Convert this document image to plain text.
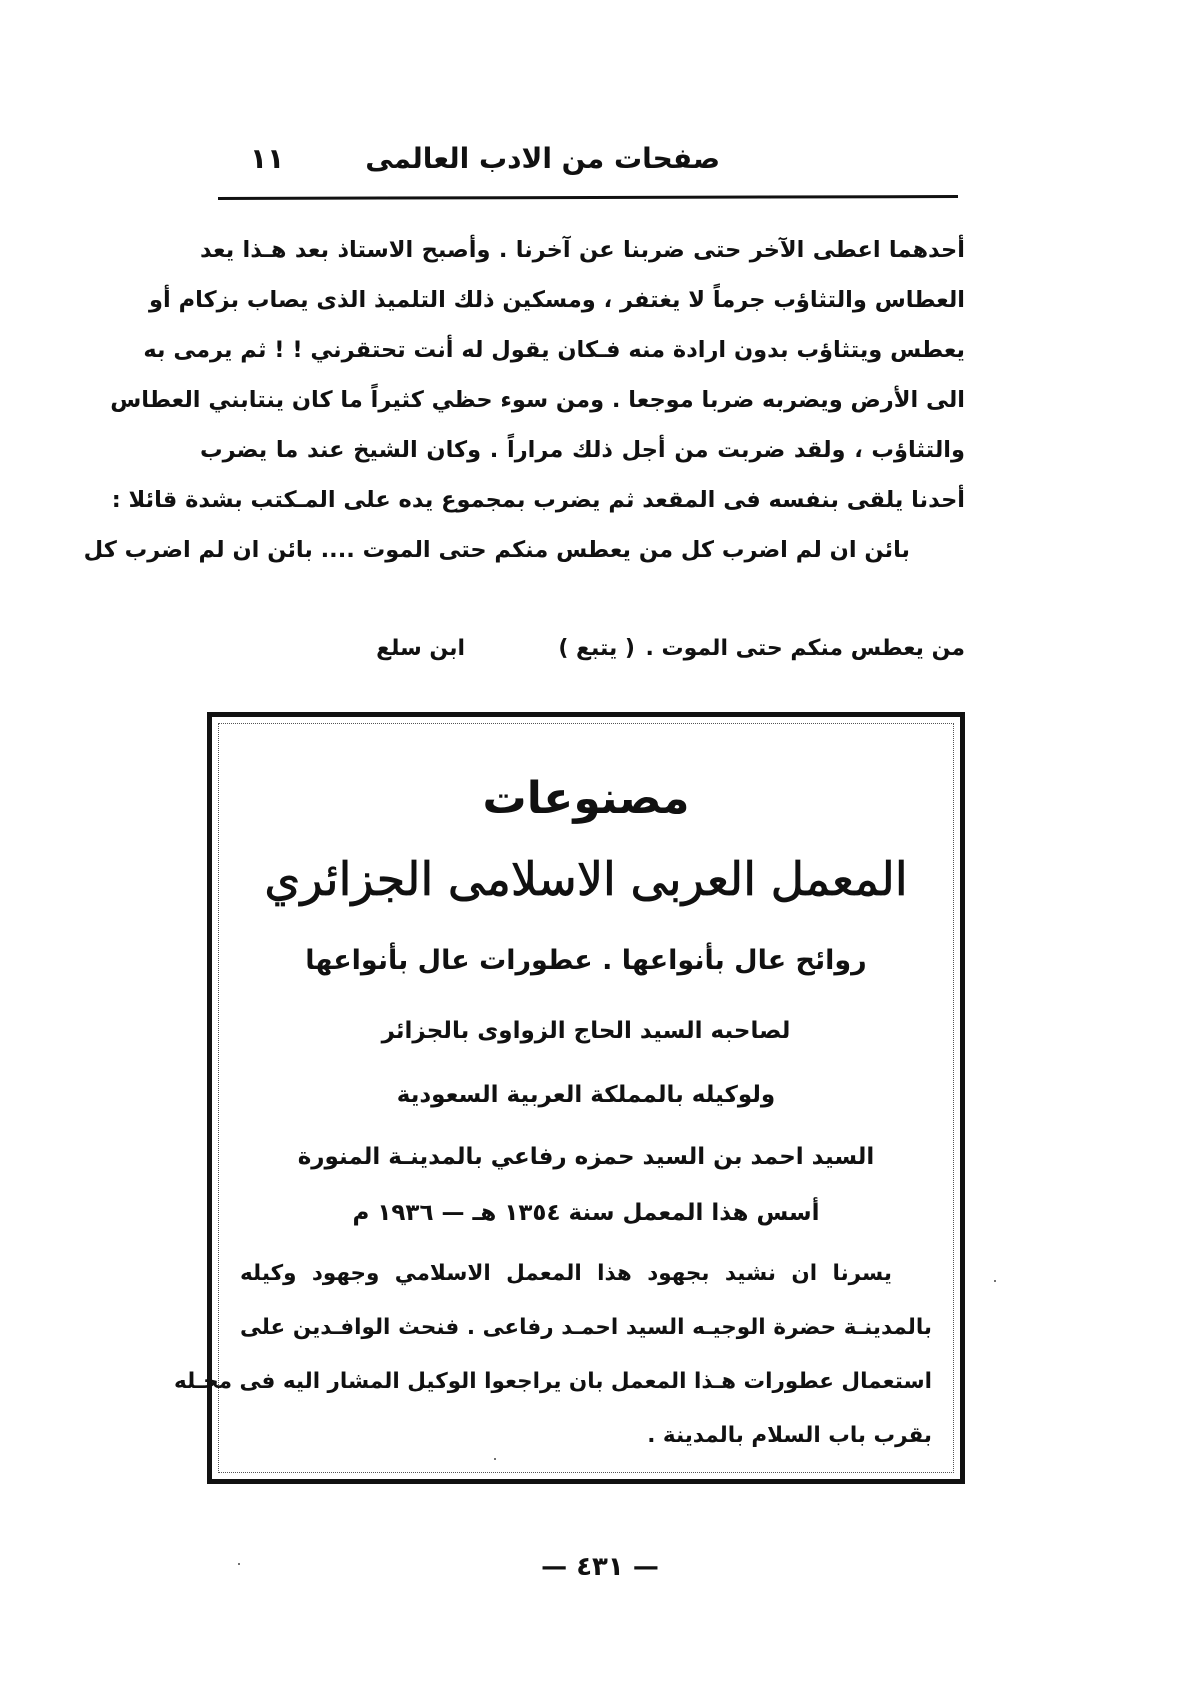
صفحات من الادب العالمى
١١
أحدهما اعطى الآخر حتى ضربنا عن آخرنا . وأصبح الاستاذ بعد هـذا يعد
العطاس والتثاؤب جرماً لا يغتفر ، ومسكين ذلك التلميذ الذى يصاب بزكام أو
يعطس ويتثاؤب بدون ارادة منه فـكان يقول له أنت تحتقرني ! ! ثم يرمى به
الى الأرض ويضربه ضربا موجعا . ومن سوء حظي كثيراً ما كان ينتابني العطاس
والتثاؤب ، ولقد ضربت من أجل ذلك مراراً . وكان الشيخ عند ما يضرب
أحدنا يلقى بنفسه فى المقعد ثم يضرب بمجموع يده على المـكتب بشدة قائلا :
بائن ان لم اضرب كل من يعطس منكم حتى الموت .... بائن ان لم اضرب كل
من يعطس منكم حتى الموت .
( يتبع )
ابن سلع
مصنوعات
المعمل العربى الاسلامى الجزائري
روائح عال بأنواعها . عطورات عال بأنواعها
لصاحبه السيد الحاج الزواوى بالجزائر
ولوكيله بالمملكة العربية السعودية
السيد احمد بن السيد حمزه رفاعي بالمدينـة المنورة
أسس هذا المعمل سنة ١٣٥٤ هـ — ١٩٣٦ م
يسرنا ان نشيد بجهود هذا المعمل الاسلامي وجهود وكيله
بالمدينـة حضرة الوجيـه السيد احمـد رفاعى . فنحث الوافـدين على
استعمال عطورات هـذا المعمل بان يراجعوا الوكيل المشار اليه فى محـله
بقرب باب السلام بالمدينة .
— ٤٣١ —
